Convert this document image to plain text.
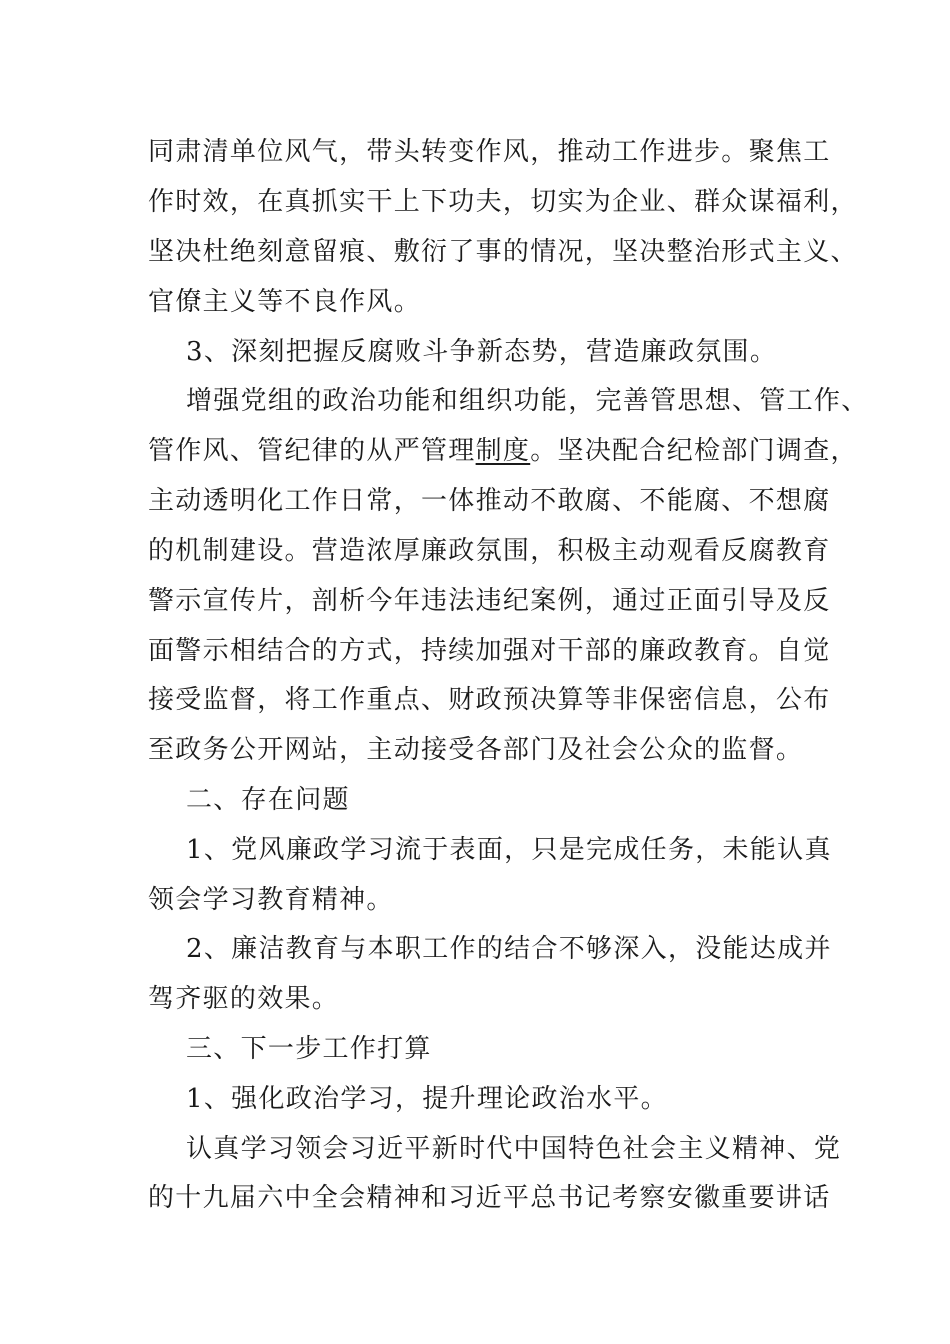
同肃清单位风气，带头转变作风，推动工作进步。聚焦工
作时效，在真抓实干上下功夫，切实为企业、群众谋福利，
坚决杜绝刻意留痕、敷衍了事的情况，坚决整治形式主义、
官僚主义等不良作风。
3、深刻把握反腐败斗争新态势，营造廉政氛围。
增强党组的政治功能和组织功能，完善管思想、管工作、
管作风、管纪律的从严管理制度。坚决配合纪检部门调查，
主动透明化工作日常，一体推动不敢腐、不能腐、不想腐
的机制建设。营造浓厚廉政氛围，积极主动观看反腐教育
警示宣传片，剖析今年违法违纪案例，通过正面引导及反
面警示相结合的方式，持续加强对干部的廉政教育。自觉
接受监督，将工作重点、财政预决算等非保密信息，公布
至政务公开网站，主动接受各部门及社会公众的监督。
二、存在问题
1、党风廉政学习流于表面，只是完成任务，未能认真
领会学习教育精神。
2、廉洁教育与本职工作的结合不够深入，没能达成并
驾齐驱的效果。
三、下一步工作打算
1、强化政治学习，提升理论政治水平。
认真学习领会习近平新时代中国特色社会主义精神、党
的十九届六中全会精神和习近平总书记考察安徽重要讲话
